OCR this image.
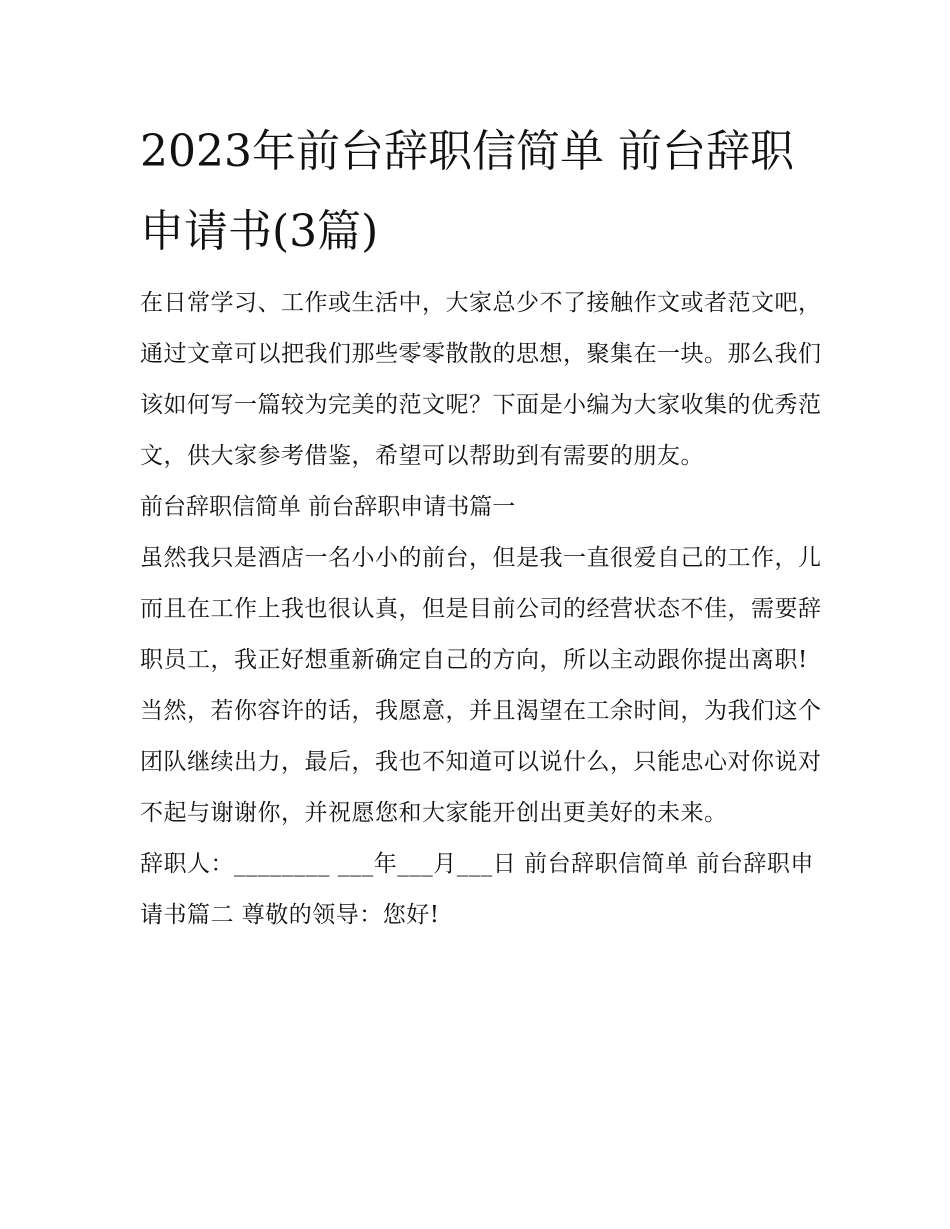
2023年前台辞职信简单 前台辞职申请书(3篇)

在日常学习、工作或生活中，大家总少不了接触作文或者范文吧，通过文章可以把我们那些零零散散的思想，聚集在一块。那么我们该如何写一篇较为完美的范文呢？下面是小编为大家收集的优秀范文，供大家参考借鉴，希望可以帮助到有需要的朋友。

前台辞职信简单 前台辞职申请书篇一

虽然我只是酒店一名小小的前台，但是我一直很爱自己的工作，儿而且在工作上我也很认真，但是目前公司的经营状态不佳，需要辞职员工，我正好想重新确定自己的方向，所以主动跟你提出离职!

当然，若你容许的话，我愿意，并且渴望在工余时间，为我们这个团队继续出力，最后，我也不知道可以说什么，只能忠心对你说对不起与谢谢你，并祝愿您和大家能开创出更美好的未来。

辞职人：________ ___年___月___日 前台辞职信简单 前台辞职申请书篇二 尊敬的领导：您好!
